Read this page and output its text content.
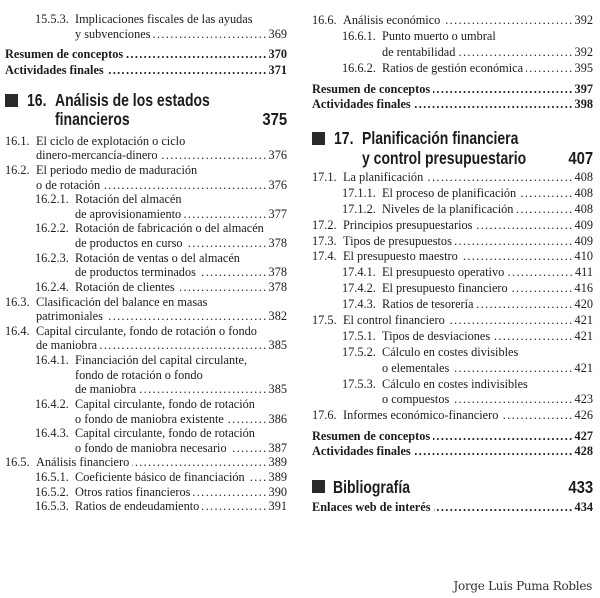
15.5.3. Implicaciones fiscales de las ayudas
y subvenciones .....	369
Resumen de conceptos .....	370
Actividades finales .....	371
16. Análisis de los estados
financieros	375
16.1. El ciclo de explotación o ciclo
dinero-mercancía-dinero .....	376
16.2. El periodo medio de maduración
o de rotación .....	376
16.2.1. Rotación del almacén
de aprovisionamiento .....	377
16.2.2. Rotación de fabricación o del almacén
de productos en curso .....	378
16.2.3. Rotación de ventas o del almacén
de productos terminados .....	378
16.2.4. Rotación de clientes .....	378
16.3. Clasificación del balance en masas
patrimoniales .....	382
16.4. Capital circulante, fondo de rotación o fondo
de maniobra .....	385
16.4.1. Financiación del capital circulante,
fondo de rotación o fondo
de maniobra .....	385
16.4.2. Capital circulante, fondo de rotación
o fondo de maniobra existente .....	386
16.4.3. Capital circulante, fondo de rotación
o fondo de maniobra necesario .....	387
16.5. Análisis financiero .....	389
16.5.1. Coeficiente básico de financiación ..... 389
16.5.2. Otros ratios financieros .....	390
16.5.3. Ratios de endeudamiento .....	391
16.6. Análisis económico .....	392
16.6.1. Punto muerto o umbral
de rentabilidad .....	392
16.6.2. Ratios de gestión económica .....	395
Resumen de conceptos .....	397
Actividades finales .....	398
17. Planificación financiera
y control presupuestario 407
17.1. La planificación .....	408
17.1.1. El proceso de planificación .....	408
17.1.2. Niveles de la planificación .....	408
17.2. Principios presupuestarios .....	409
17.3. Tipos de presupuestos .....	409
17.4. El presupuesto maestro .....	410
17.4.1. El presupuesto operativo .....	411
17.4.2. El presupuesto financiero .....	416
17.4.3. Ratios de tesorería .....	420
17.5. El control financiero .....	421
17.5.1. Tipos de desviaciones .....	421
17.5.2. Cálculo en costes divisibles
o elementales .....	421
17.5.3. Cálculo en costes indivisibles
o compuestos .....	423
17.6. Informes económico-financiero .....	426
Resumen de conceptos .....	427
Actividades finales .....	428
Bibliografía	433
Enlaces web de interés .....	434
Jorge Luis Puma Robles
